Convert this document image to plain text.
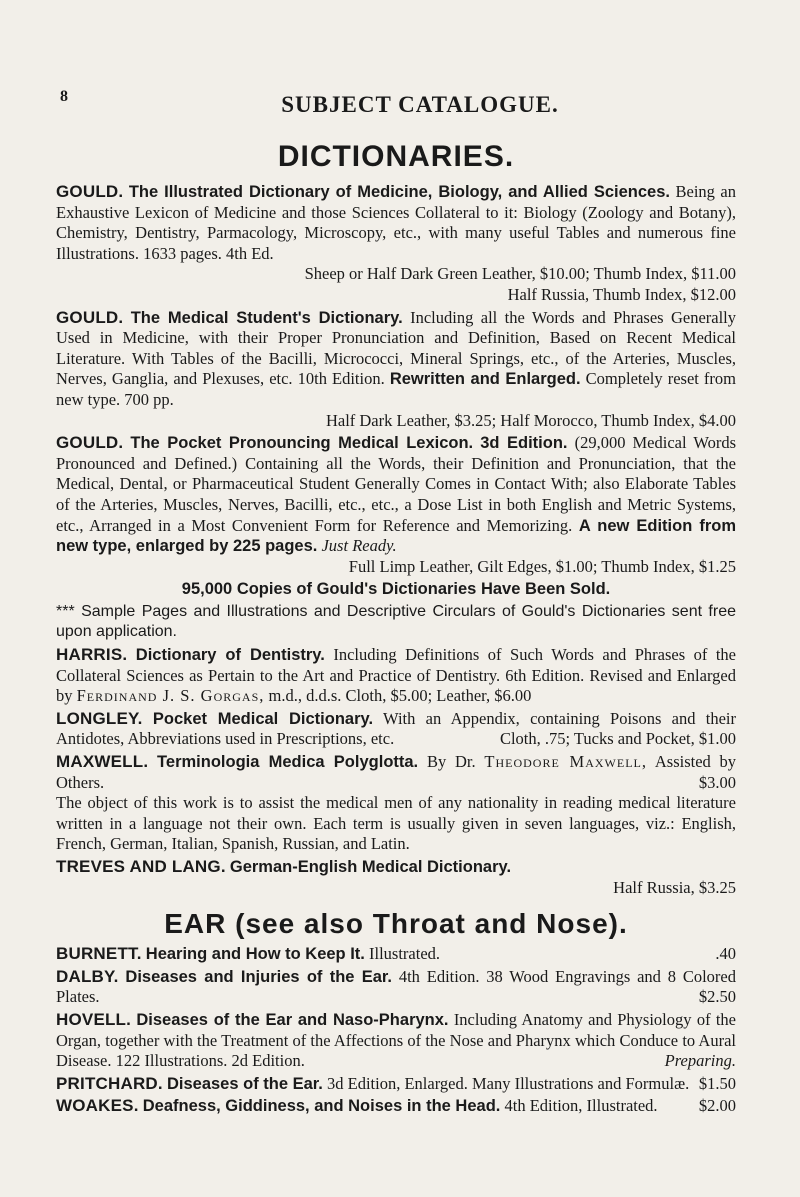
8	SUBJECT CATALOGUE.
DICTIONARIES.
GOULD. The Illustrated Dictionary of Medicine, Biology, and Allied Sciences. Being an Exhaustive Lexicon of Medicine and those Sciences Collateral to it: Biology (Zoology and Botany), Chemistry, Dentistry, Parmacology, Microscopy, etc., with many useful Tables and numerous fine Illustrations. 1633 pages. 4th Ed.
Sheep or Half Dark Green Leather, $10.00; Thumb Index, $11.00
Half Russia, Thumb Index, $12.00
GOULD. The Medical Student's Dictionary. Including all the Words and Phrases Generally Used in Medicine, with their Proper Pronunciation and Definition, Based on Recent Medical Literature. With Tables of the Bacilli, Micrococci, Mineral Springs, etc., of the Arteries, Muscles, Nerves, Ganglia, and Plexuses, etc. 10th Edition. Rewritten and Enlarged. Completely reset from new type. 700 pp.
Half Dark Leather, $3.25; Half Morocco, Thumb Index, $4.00
GOULD. The Pocket Pronouncing Medical Lexicon. 3d Edition. (29,000 Medical Words Pronounced and Defined.) Containing all the Words, their Definition and Pronunciation, that the Medical, Dental, or Pharmaceutical Student Generally Comes in Contact With; also Elaborate Tables of the Arteries, Muscles, Nerves, Bacilli, etc., etc., a Dose List in both English and Metric Systems, etc., Arranged in a Most Convenient Form for Reference and Memorizing. A new Edition from new type, enlarged by 225 pages. Just Ready.
Full Limp Leather, Gilt Edges, $1.00; Thumb Index, $1.25
95,000 Copies of Gould's Dictionaries Have Been Sold.
*** Sample Pages and Illustrations and Descriptive Circulars of Gould's Dictionaries sent free upon application.
HARRIS. Dictionary of Dentistry. Including Definitions of Such Words and Phrases of the Collateral Sciences as Pertain to the Art and Practice of Dentistry. 6th Edition. Revised and Enlarged by Ferdinand J. S. Gorgas, m.d., d.d.s. Cloth, $5.00; Leather, $6.00
LONGLEY. Pocket Medical Dictionary. With an Appendix, containing Poisons and their Antidotes, Abbreviations used in Prescriptions, etc.	Cloth, .75; Tucks and Pocket, $1.00
MAXWELL. Terminologia Medica Polyglotta. By Dr. Theodore Maxwell, Assisted by Others.	$3.00

The object of this work is to assist the medical men of any nationality in reading medical literature written in a language not their own. Each term is usually given in seven languages, viz.: English, French, German, Italian, Spanish, Russian, and Latin.
TREVES AND LANG. German-English Medical Dictionary.
Half Russia, $3.25
EAR (see also Throat and Nose).
BURNETT. Hearing and How to Keep It. Illustrated.	.40
DALBY. Diseases and Injuries of the Ear. 4th Edition. 38 Wood Engravings and 8 Colored Plates.	$2.50
HOVELL. Diseases of the Ear and Naso-Pharynx. Including Anatomy and Physiology of the Organ, together with the Treatment of the Affections of the Nose and Pharynx which Conduce to Aural Disease. 122 Illustrations. 2d Edition.	Preparing.
PRITCHARD. Diseases of the Ear. 3d Edition, Enlarged. Many Illustrations and Formulæ. $1.50
WOAKES. Deafness, Giddiness, and Noises in the Head. 4th Edition, Illustrated.	$2.00
